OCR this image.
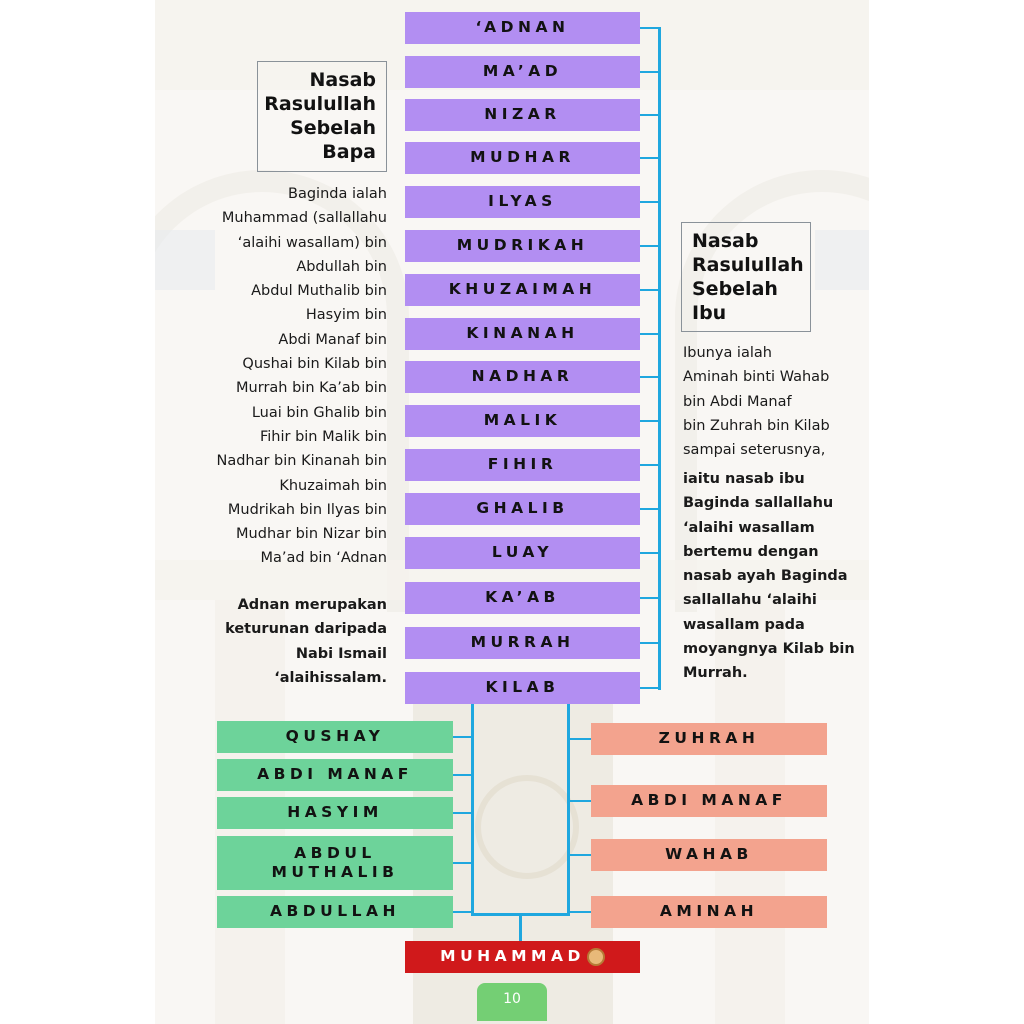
‘ADNAN
MA’AD
NIZAR
MUDHAR
ILYAS
MUDRIKAH
KHUZAIMAH
KINANAH
NADHAR
MALIK
FIHIR
GHALIB
LUAY
KA’AB
MURRAH
KILAB
QUSHAY
ABDI MANAF
HASYIM
ABDUL
MUTHALIB
ABDULLAH
ZUHRAH
ABDI MANAF
WAHAB
AMINAH
MUHAMMAD
Nasab
Rasulullah
Sebelah
Bapa

Baginda ialah

Muhammad (sallallahu

‘alaihi wasallam) bin

Abdullah bin

Abdul Muthalib bin

Hasyim bin

Abdi Manaf bin

Qushai bin Kilab bin

Murrah bin Ka’ab bin

Luai bin Ghalib bin

Fihir bin Malik bin

Nadhar bin Kinanah bin

Khuzaimah bin

Mudrikah bin Ilyas bin

Mudhar bin Nizar bin

Ma’ad bin ‘Adnan

Adnan merupakan

keturunan daripada

Nabi Ismail

‘alaihissalam.

Nasab
Rasulullah
Sebelah
Ibu

Ibunya ialah

Aminah binti Wahab

bin Abdi Manaf

bin Zuhrah bin Kilab

sampai seterusnya,

iaitu nasab ibu

Baginda sallallahu

‘alaihi wasallam

bertemu dengan

nasab ayah Baginda

sallallahu ‘alaihi

wasallam pada

moyangnya Kilab bin

Murrah.

10
